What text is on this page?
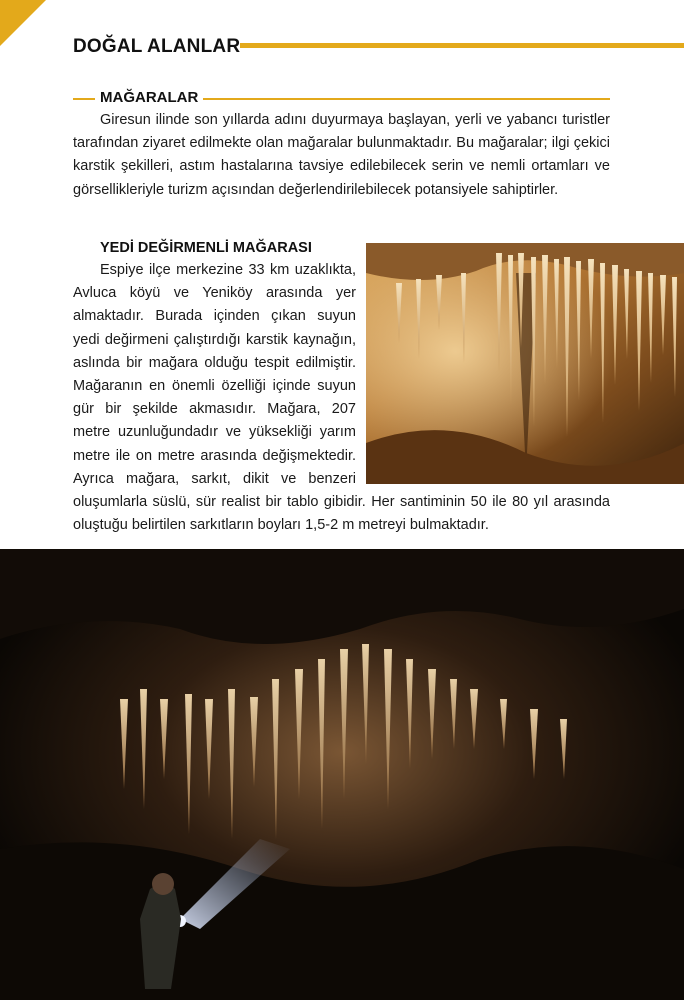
DOĞAL ALANLAR
MAĞARALAR

Giresun ilinde son yıllarda adını duyurmaya başlayan, yerli ve yabancı turistler tarafından ziyaret edilmekte olan mağaralar bulunmaktadır. Bu mağaralar; ilgi çekici karstik şekilleri, astım hastalarına tavsiye edilebilecek serin ve nemli ortamları ve görsellikleriyle turizm açısından değerlendirilebilecek potansiyele sahiptirler.

YEDİ DEĞİRMENLİ MAĞARASI
Espiye ilçe merkezine 33 km uzaklıkta, Avluca köyü ve Yeniköy arasında yer almaktadır. Burada içinden çıkan suyun yedi değirmeni çalıştırdığı karstik kaynağın, aslında bir mağara olduğu tespit edilmiştir. Mağaranın en önemli özelliği içinde suyun gür bir şekilde akmasıdır. Mağara, 207 metre uzunluğundadır ve yüksekliği yarım metre ile on metre arasında değişmektedir. Ayrıca mağara, sarkıt, dikit ve benzeri oluşumlarla süslü, sür realist bir tablo gibidir. Her santiminin 50 ile 80 yıl arasında oluştuğu belirtilen sarkıtların boyları 1,5-2 m metreyi bulmaktadır.
